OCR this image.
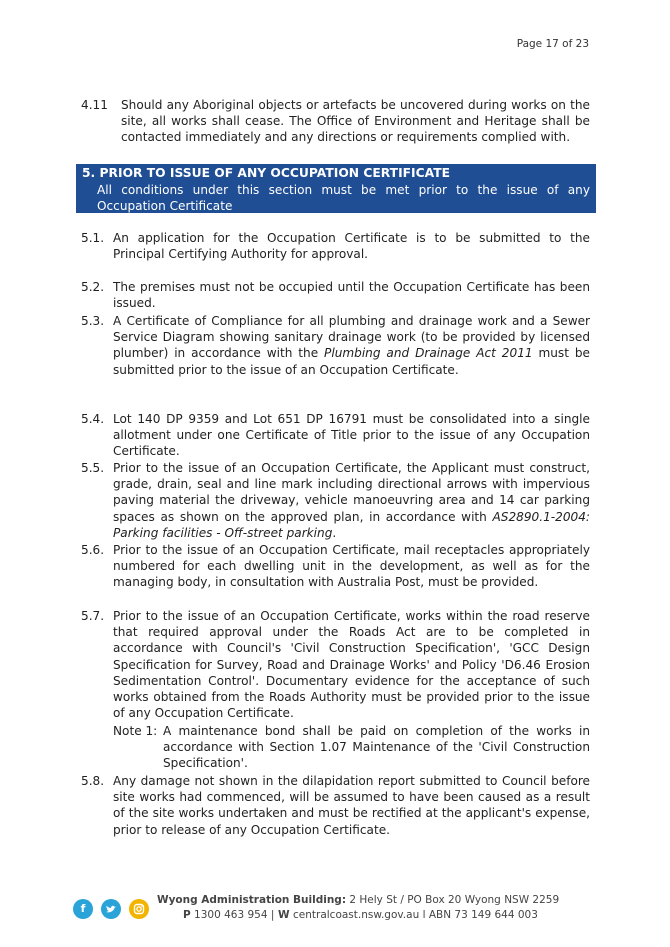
Page 17 of 23
4.11 Should any Aboriginal objects or artefacts be uncovered during works on the site, all works shall cease. The Office of Environment and Heritage shall be contacted immediately and any directions or requirements complied with.
5. PRIOR TO ISSUE OF ANY OCCUPATION CERTIFICATE
All conditions under this section must be met prior to the issue of any Occupation Certificate
5.1. An application for the Occupation Certificate is to be submitted to the Principal Certifying Authority for approval.
5.2. The premises must not be occupied until the Occupation Certificate has been issued.
5.3. A Certificate of Compliance for all plumbing and drainage work and a Sewer Service Diagram showing sanitary drainage work (to be provided by licensed plumber) in accordance with the Plumbing and Drainage Act 2011 must be submitted prior to the issue of an Occupation Certificate.
5.4. Lot 140 DP 9359 and Lot 651 DP 16791 must be consolidated into a single allotment under one Certificate of Title prior to the issue of any Occupation Certificate.
5.5. Prior to the issue of an Occupation Certificate, the Applicant must construct, grade, drain, seal and line mark including directional arrows with impervious paving material the driveway, vehicle manoeuvring area and 14 car parking spaces as shown on the approved plan, in accordance with AS2890.1-2004: Parking facilities - Off-street parking.
5.6. Prior to the issue of an Occupation Certificate, mail receptacles appropriately numbered for each dwelling unit in the development, as well as for the managing body, in consultation with Australia Post, must be provided.
5.7. Prior to the issue of an Occupation Certificate, works within the road reserve that required approval under the Roads Act are to be completed in accordance with Council's 'Civil Construction Specification', 'GCC Design Specification for Survey, Road and Drainage Works' and Policy 'D6.46 Erosion Sedimentation Control'. Documentary evidence for the acceptance of such works obtained from the Roads Authority must be provided prior to the issue of any Occupation Certificate.
Note 1: A maintenance bond shall be paid on completion of the works in accordance with Section 1.07 Maintenance of the 'Civil Construction Specification'.
5.8. Any damage not shown in the dilapidation report submitted to Council before site works had commenced, will be assumed to have been caused as a result of the site works undertaken and must be rectified at the applicant's expense, prior to release of any Occupation Certificate.
f
Wyong Administration Building: 2 Hely St / PO Box 20 Wyong NSW 2259
P 1300 463 954 | W centralcoast.nsw.gov.au l ABN 73 149 644 003
